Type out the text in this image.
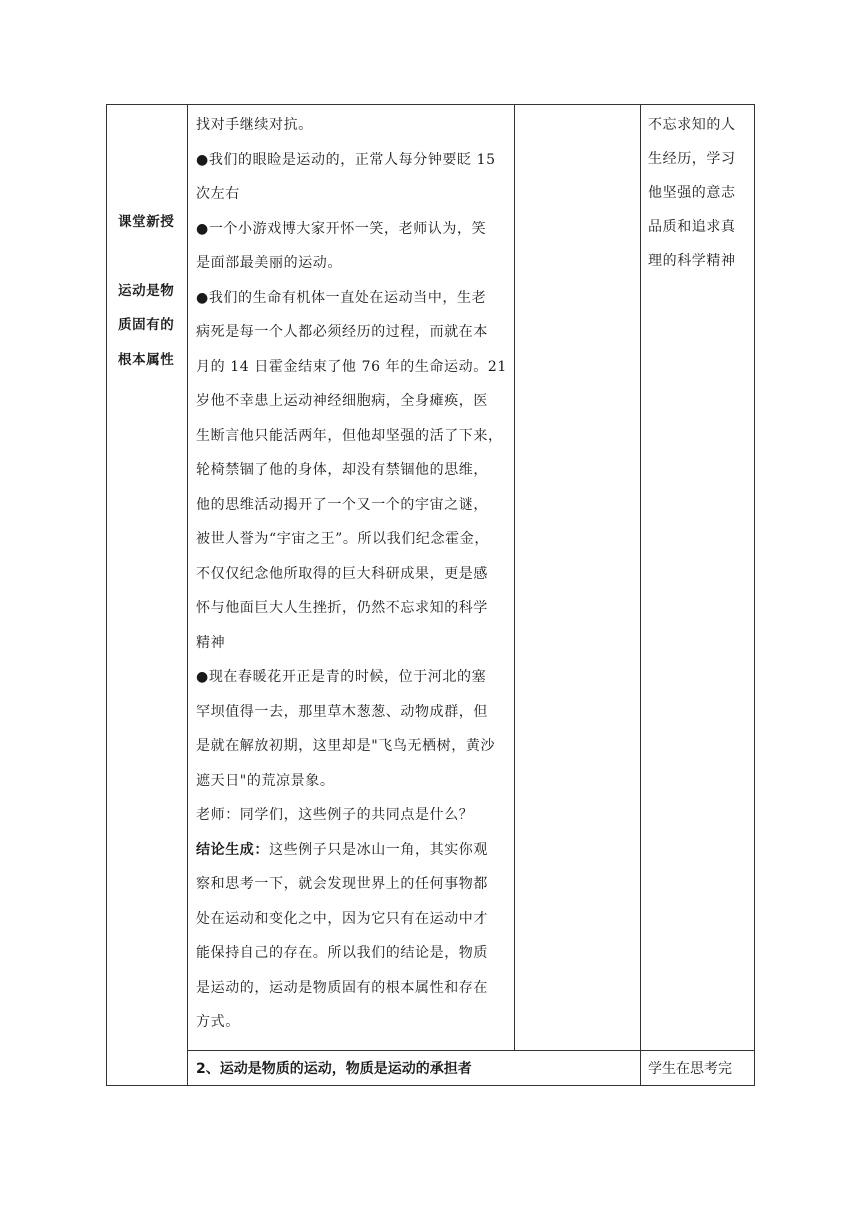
课堂新授
运动是物
质固有的
根本属性
找对手继续对抗。
●我们的眼睑是运动的，正常人每分钟要眨 15
次左右
●一个小游戏博大家开怀一笑，老师认为，笑
是面部最美丽的运动。
●我们的生命有机体一直处在运动当中，生老
病死是每一个人都必须经历的过程，而就在本
月的 14 日霍金结束了他 76 年的生命运动。21
岁他不幸患上运动神经细胞病，全身瘫痪，医
生断言他只能活两年，但他却坚强的活了下来，
轮椅禁锢了他的身体，却没有禁锢他的思维，
他的思维活动揭开了一个又一个的宇宙之谜，
被世人誉为“宇宙之王”。所以我们纪念霍金，
不仅仅纪念他所取得的巨大科研成果，更是感
怀与他面巨大人生挫折，仍然不忘求知的科学
精神
●现在春暖花开正是青的时候，位于河北的塞
罕坝值得一去，那里草木葱葱、动物成群，但
是就在解放初期，这里却是"飞鸟无栖树，黄沙
遮天日"的荒凉景象。
老师：同学们，这些例子的共同点是什么？
结论生成：这些例子只是冰山一角，其实你观
察和思考一下，就会发现世界上的任何事物都
处在运动和变化之中，因为它只有在运动中才
能保持自己的存在。所以我们的结论是，物质
是运动的，运动是物质固有的根本属性和存在
方式。
不忘求知的人
生经历，学习
他坚强的意志
品质和追求真
理的科学精神
2、运动是物质的运动，物质是运动的承担者	学生在思考完
